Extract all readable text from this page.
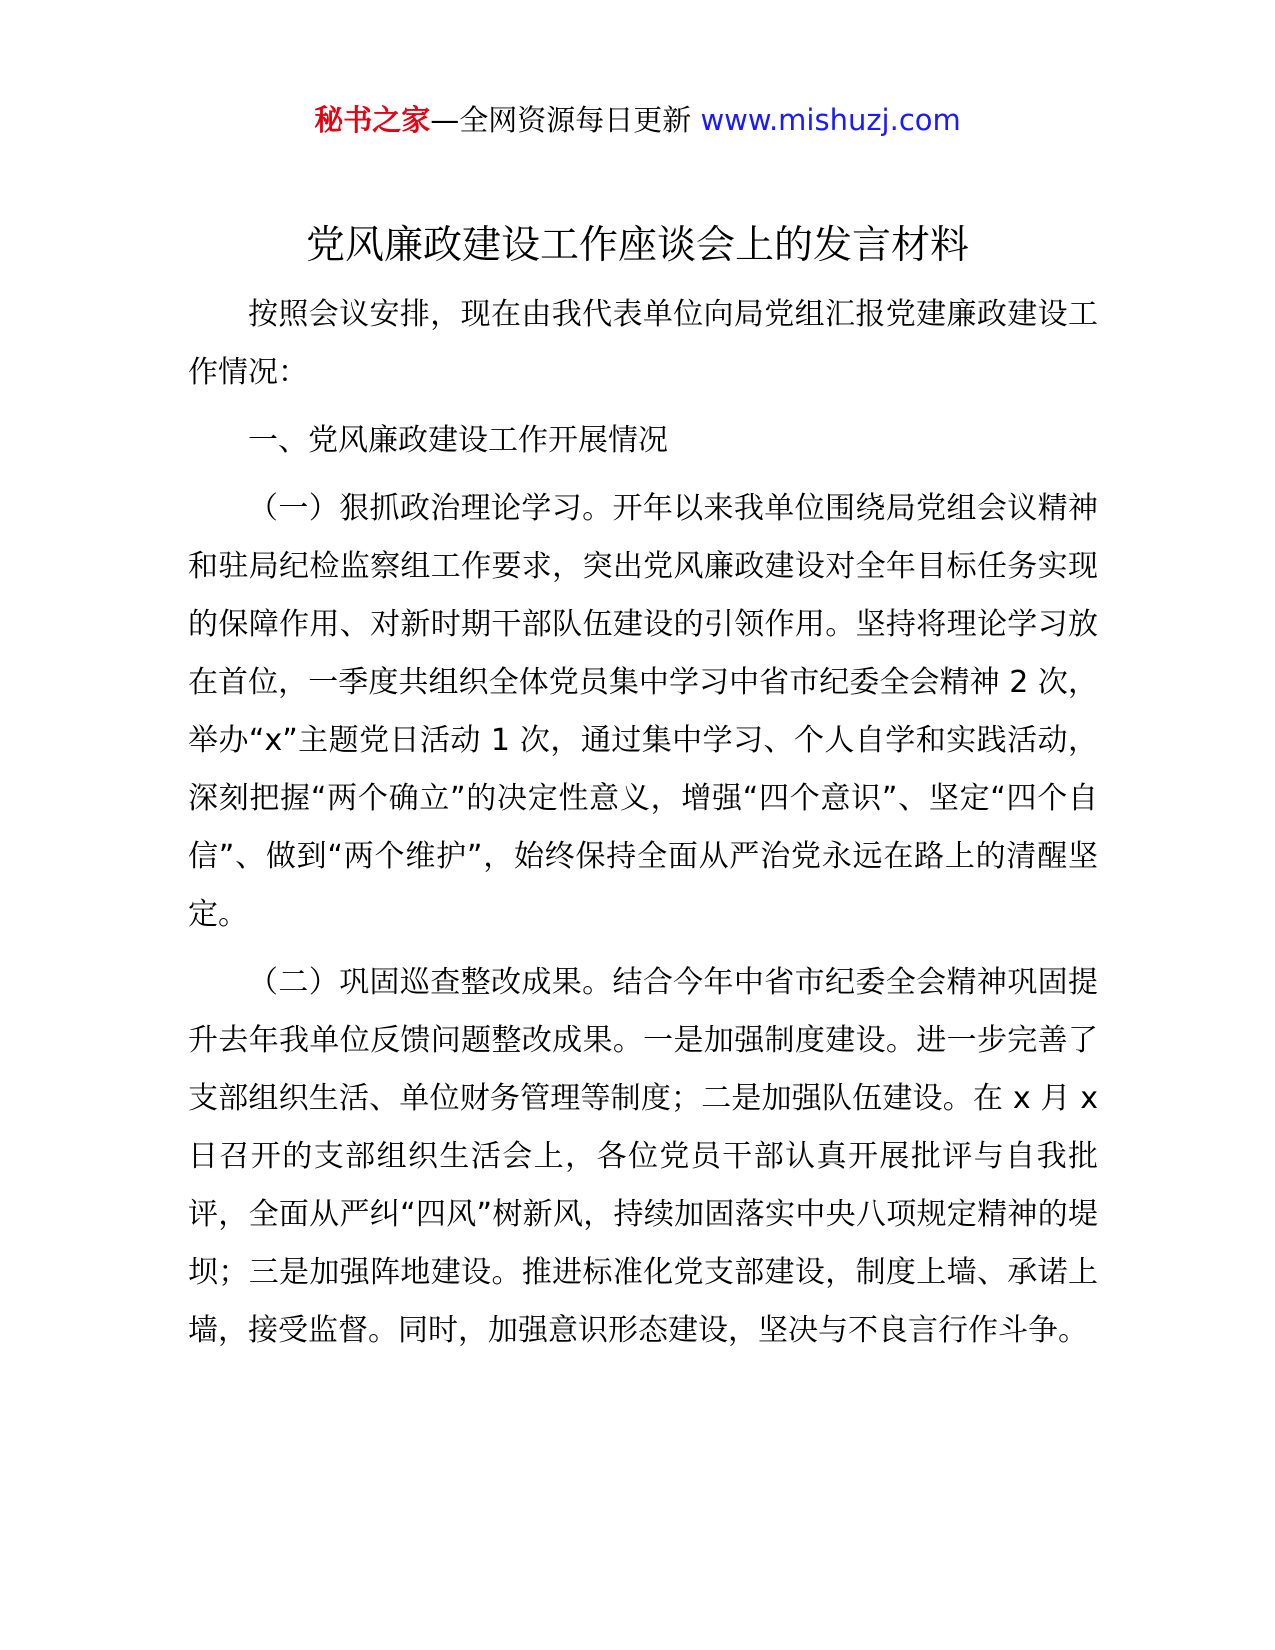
秘书之家—全网资源每日更新 www.mishuzj.com
党风廉政建设工作座谈会上的发言材料

按照会议安排，现在由我代表单位向局党组汇报党建廉政建设工作情况：

一、党风廉政建设工作开展情况

（一）狠抓政治理论学习。开年以来我单位围绕局党组会议精神和驻局纪检监察组工作要求，突出党风廉政建设对全年目标任务实现的保障作用、对新时期干部队伍建设的引领作用。坚持将理论学习放在首位，一季度共组织全体党员集中学习中省市纪委全会精神 2 次，举办“x”主题党日活动 1 次，通过集中学习、个人自学和实践活动，深刻把握“两个确立”的决定性意义，增强“四个意识”、坚定“四个自信”、做到“两个维护”，始终保持全面从严治党永远在路上的清醒坚定。

（二）巩固巡查整改成果。结合今年中省市纪委全会精神巩固提升去年我单位反馈问题整改成果。一是加强制度建设。进一步完善了支部组织生活、单位财务管理等制度；二是加强队伍建设。在 x 月 x 日召开的支部组织生活会上，各位党员干部认真开展批评与自我批评，全面从严纠“四风”树新风，持续加固落实中央八项规定精神的堤坝；三是加强阵地建设。推进标准化党支部建设，制度上墙、承诺上墙，接受监督。同时，加强意识形态建设，坚决与不良言行作斗争。
